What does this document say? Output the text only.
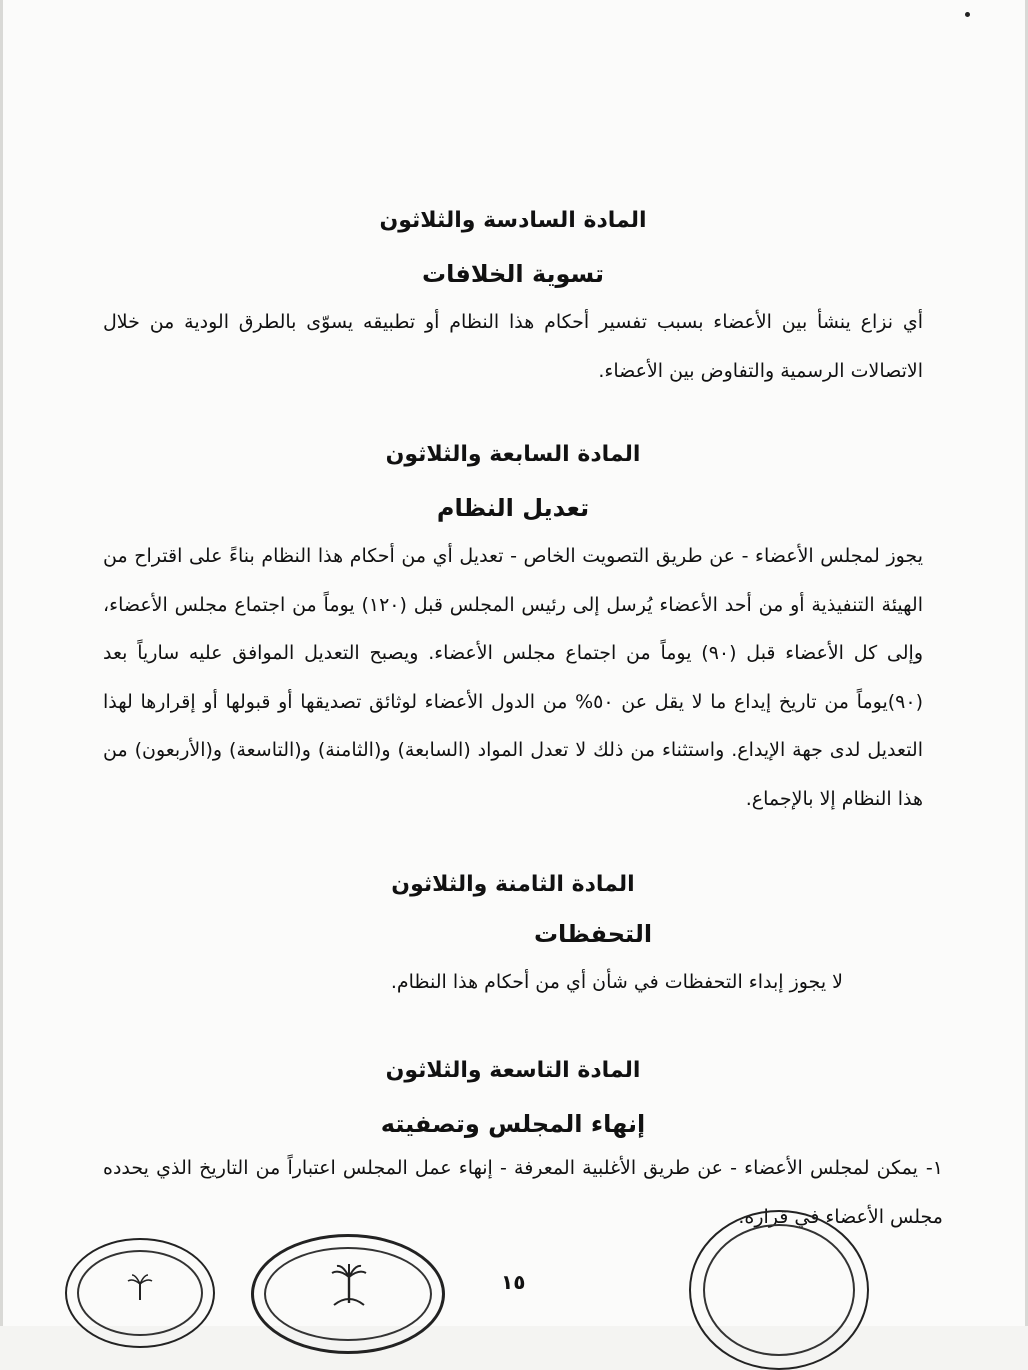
المادة السادسة والثلاثون
تسوية الخلافات

أي نزاع ينشأ بين الأعضاء بسبب تفسير أحكام هذا النظام أو تطبيقه يسوّى بالطرق الودية من خلال الاتصالات الرسمية والتفاوض بين الأعضاء.

المادة السابعة والثلاثون
تعديل النظام

يجوز لمجلس الأعضاء - عن طريق التصويت الخاص - تعديل أي من أحكام هذا النظام بناءً على اقتراح من الهيئة التنفيذية أو من أحد الأعضاء يُرسل إلى رئيس المجلس قبل (١٢٠) يوماً من اجتماع مجلس الأعضاء، وإلى كل الأعضاء قبل (٩٠) يوماً من اجتماع مجلس الأعضاء. ويصبح التعديل الموافق عليه سارياً بعد (٩٠)يوماً من تاريخ إيداع ما لا يقل عن ٥٠% من الدول الأعضاء لوثائق تصديقها أو قبولها أو إقرارها لهذا التعديل لدى جهة الإيداع. واستثناء من ذلك لا تعدل المواد (السابعة) و(الثامنة) و(التاسعة) و(الأربعون) من هذا النظام إلا بالإجماع.

المادة الثامنة والثلاثون
التحفظات

لا يجوز إبداء التحفظات في شأن أي من أحكام هذا النظام.

المادة التاسعة والثلاثون
إنهاء المجلس وتصفيته

١-يمكن لمجلس الأعضاء - عن طريق الأغلبية المعرفة - إنهاء عمل المجلس اعتباراً من التاريخ الذي يحدده مجلس الأعضاء في قراره.

١٥
